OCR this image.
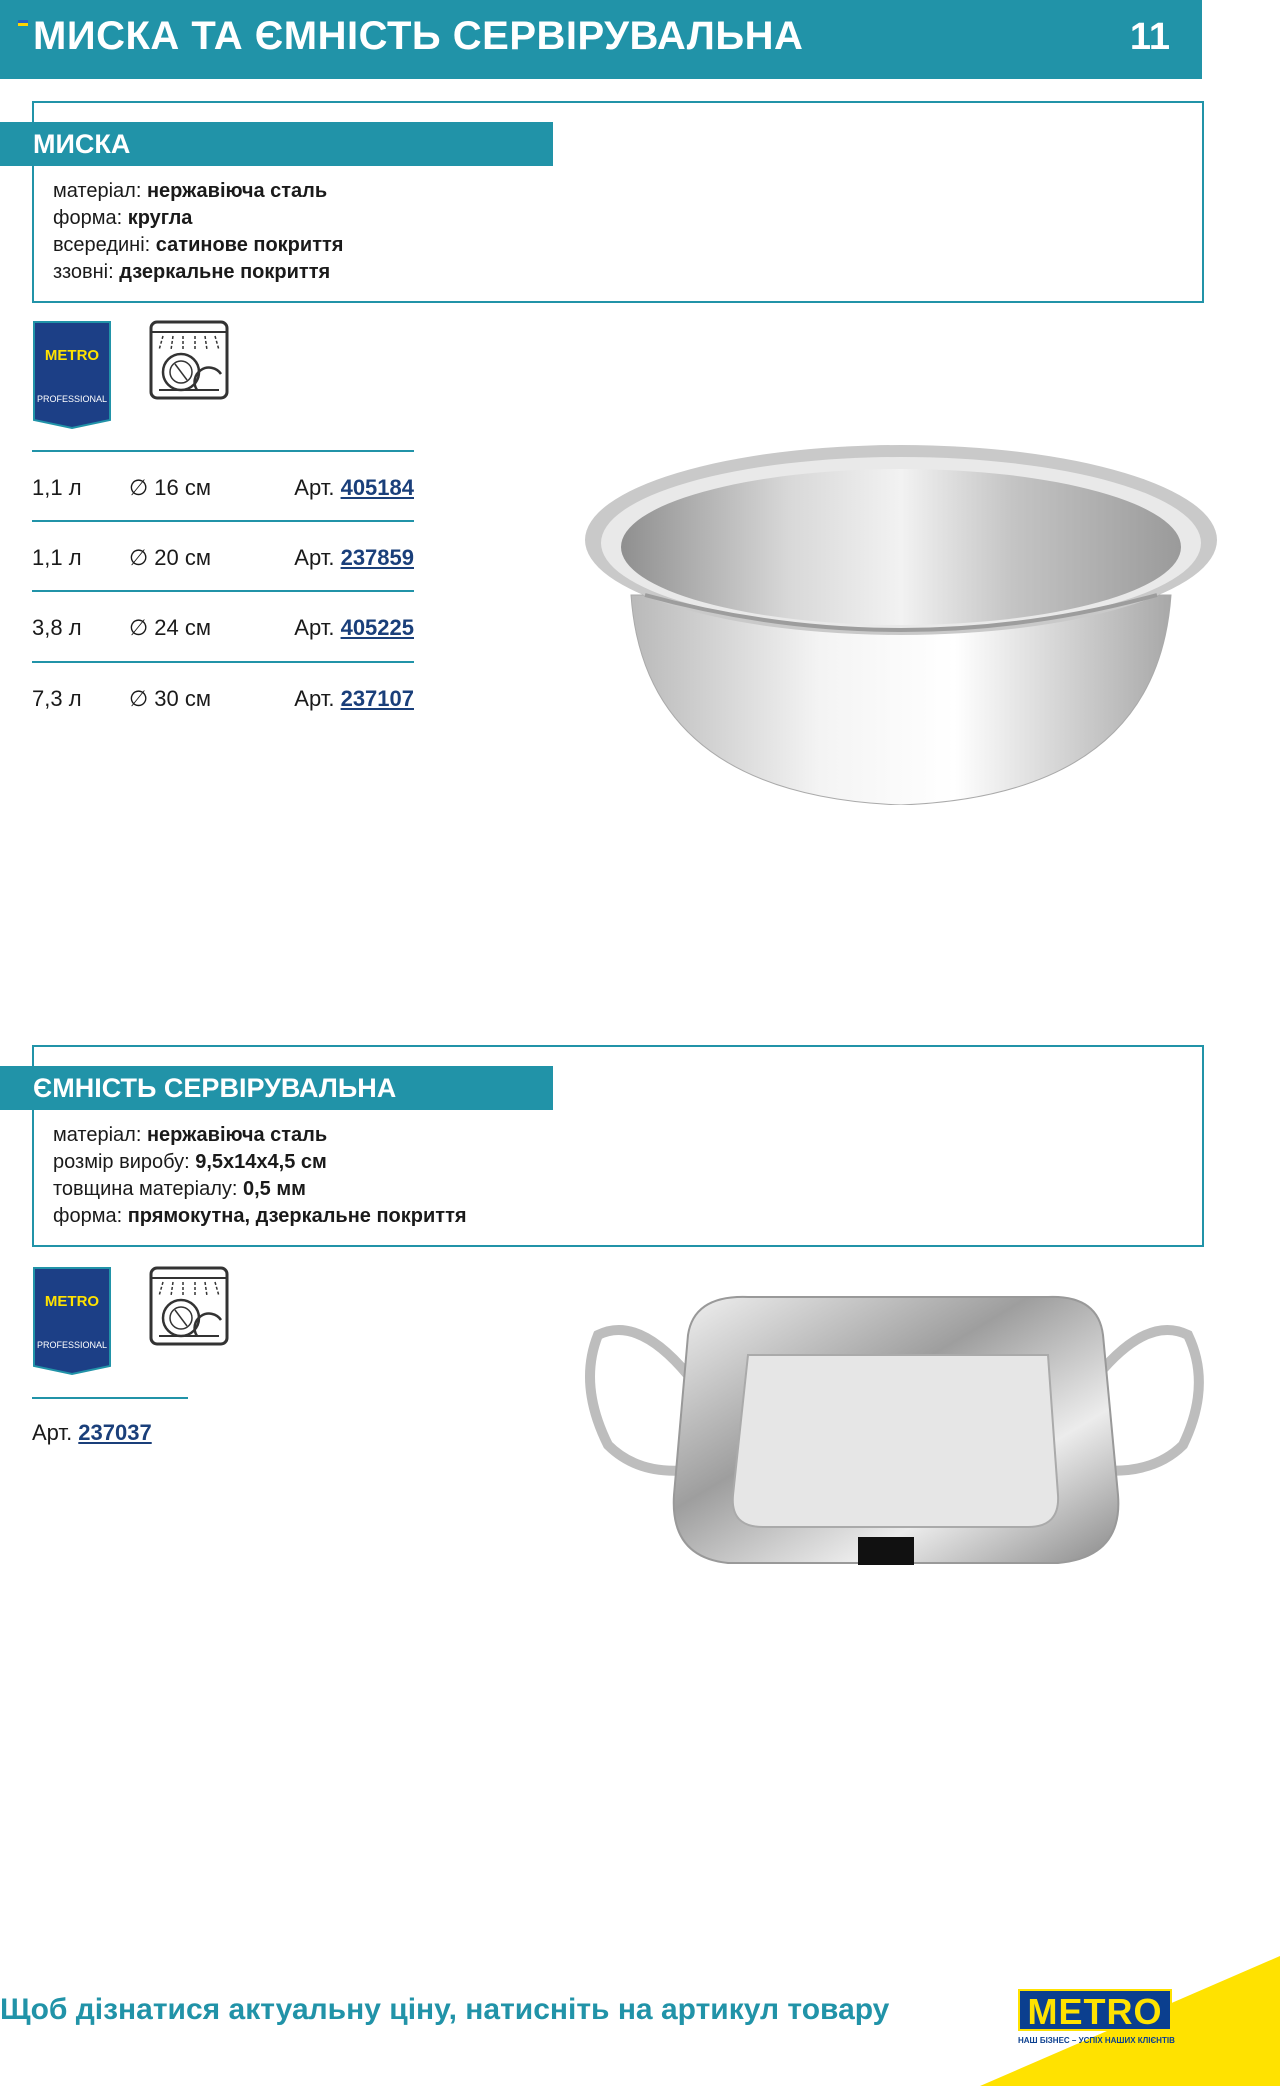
МИСКА ТА ЄМНІСТЬ СЕРВІРУВАЛЬНА	11
МИСКА
матеріал: нержавіюча сталь
форма: кругла
всередині: сатинове покриття
ззовні: дзеркальне покриття
METRO
PROFESSIONAL
1,1 л ∅ 16 см	Арт. 405184
1,1 л ∅ 20 см	Арт. 237859
3,8 л ∅ 24 см	Арт. 405225
7,3 л ∅ 30 см	Арт. 237107
ЄМНІСТЬ СЕРВІРУВАЛЬНА
матеріал: нержавіюча сталь
розмір виробу: 9,5х14х4,5 см
товщина матеріалу: 0,5 мм
форма: прямокутна, дзеркальне покриття
METRO
PROFESSIONAL
Арт. 237037
Щоб дізнатися актуальну ціну, натисніть на артикул товару	METRO
НАШ БІЗНЕС – УСПІХ НАШИХ КЛІЄНТІВ
